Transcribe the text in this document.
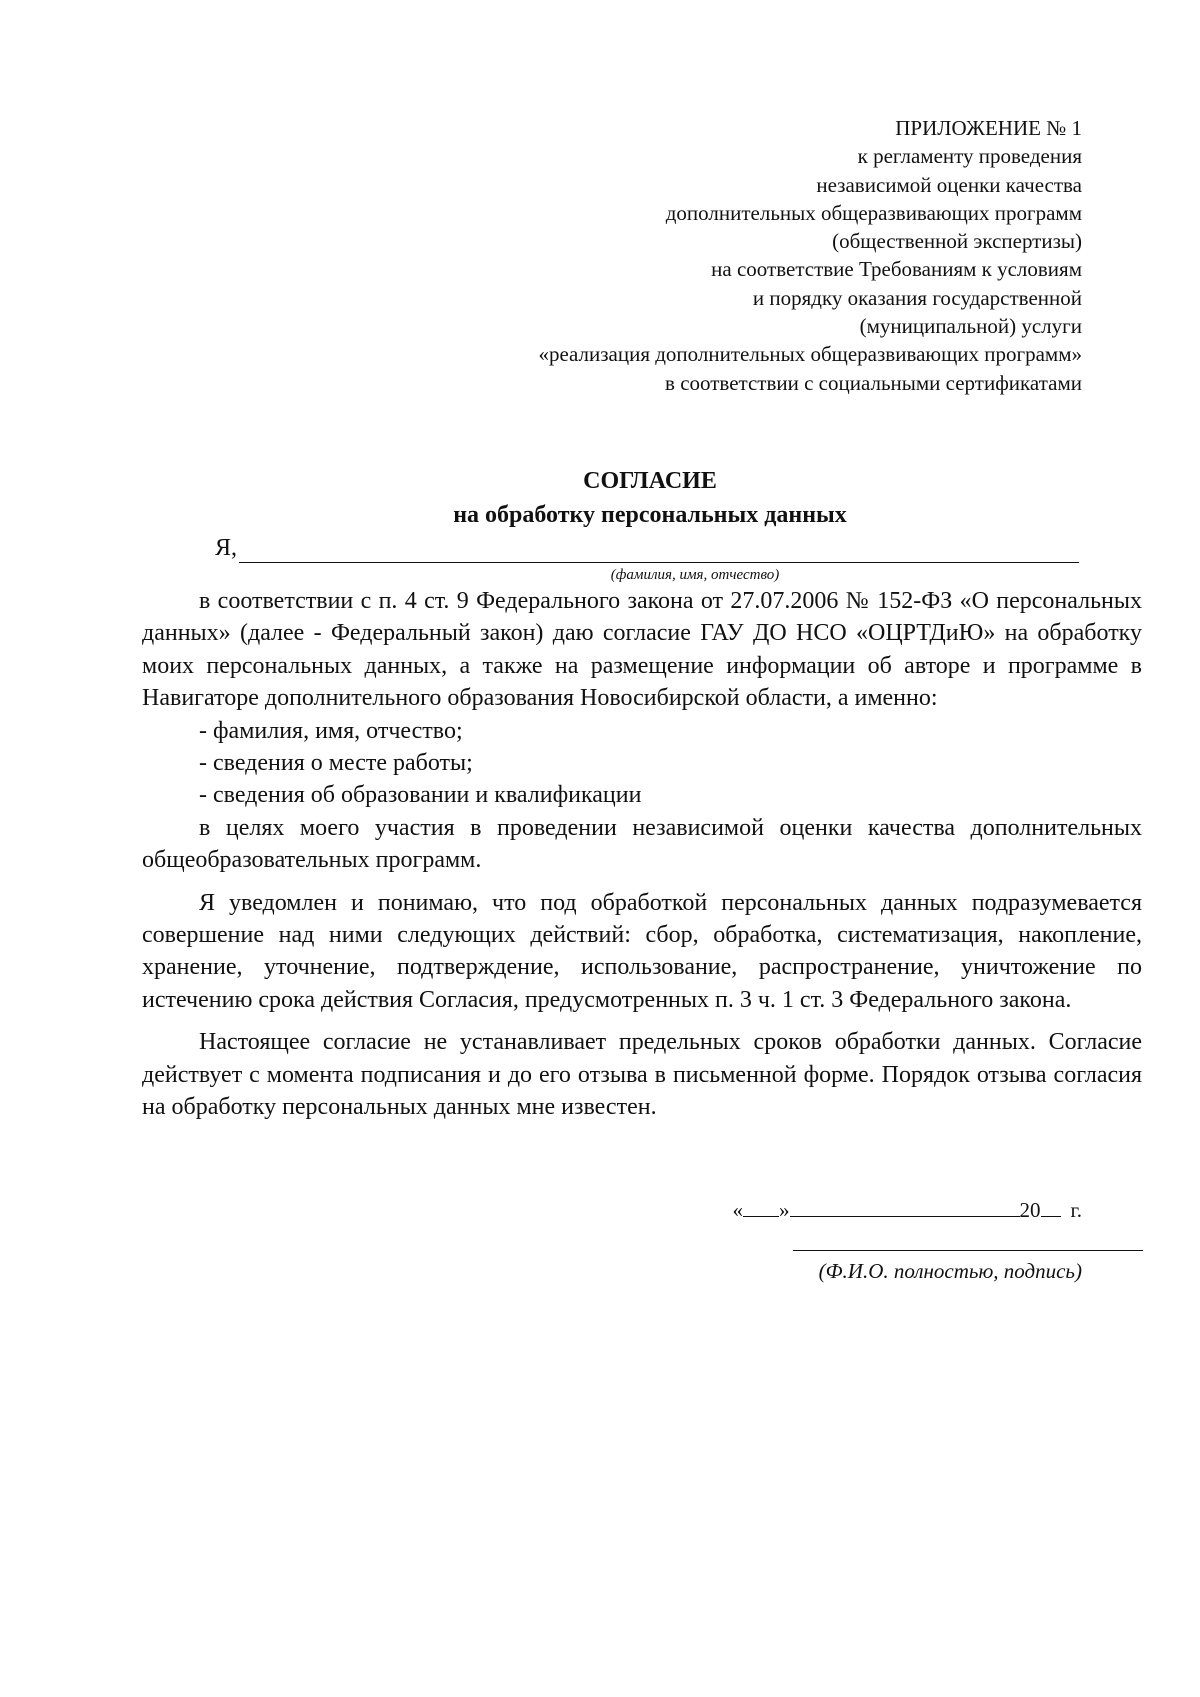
ПРИЛОЖЕНИЕ № 1
к регламенту проведения
независимой оценки качества
дополнительных общеразвивающих программ
(общественной экспертизы)
на соответствие Требованиям к условиям
и порядку оказания государственной
(муниципальной) услуги
«реализация дополнительных общеразвивающих программ»
в соответствии с социальными сертификатами
СОГЛАСИЕ
на обработку персональных данных
Я,
(фамилия, имя, отчество)

в соответствии с п. 4 ст. 9 Федерального закона от 27.07.2006 № 152-ФЗ «О персональных данных» (далее - Федеральный закон) даю согласие ГАУ ДО НСО «ОЦРТДиЮ» на обработку моих персональных данных, а также на размещение информации об авторе и программе в Навигаторе дополнительного образования Новосибирской области, а именно:

- фамилия, имя, отчество;

- сведения о месте работы;

- сведения об образовании и квалификации

в целях моего участия в проведении независимой оценки качества дополнительных общеобразовательных программ.

Я уведомлен и понимаю, что под обработкой персональных данных подразумевается совершение над ними следующих действий: сбор, обработка, систематизация, накопление, хранение, уточнение, подтверждение, использование, распространение, уничтожение по истечению срока действия Согласия, предусмотренных п. 3 ч. 1 ст. 3 Федерального закона.

Настоящее согласие не устанавливает предельных сроков обработки данных. Согласие действует с момента подписания и до его отзыва в письменной форме. Порядок отзыва согласия на обработку персональных данных мне известен.

« »	20 г.
(Ф.И.О. полностью, подпись)
